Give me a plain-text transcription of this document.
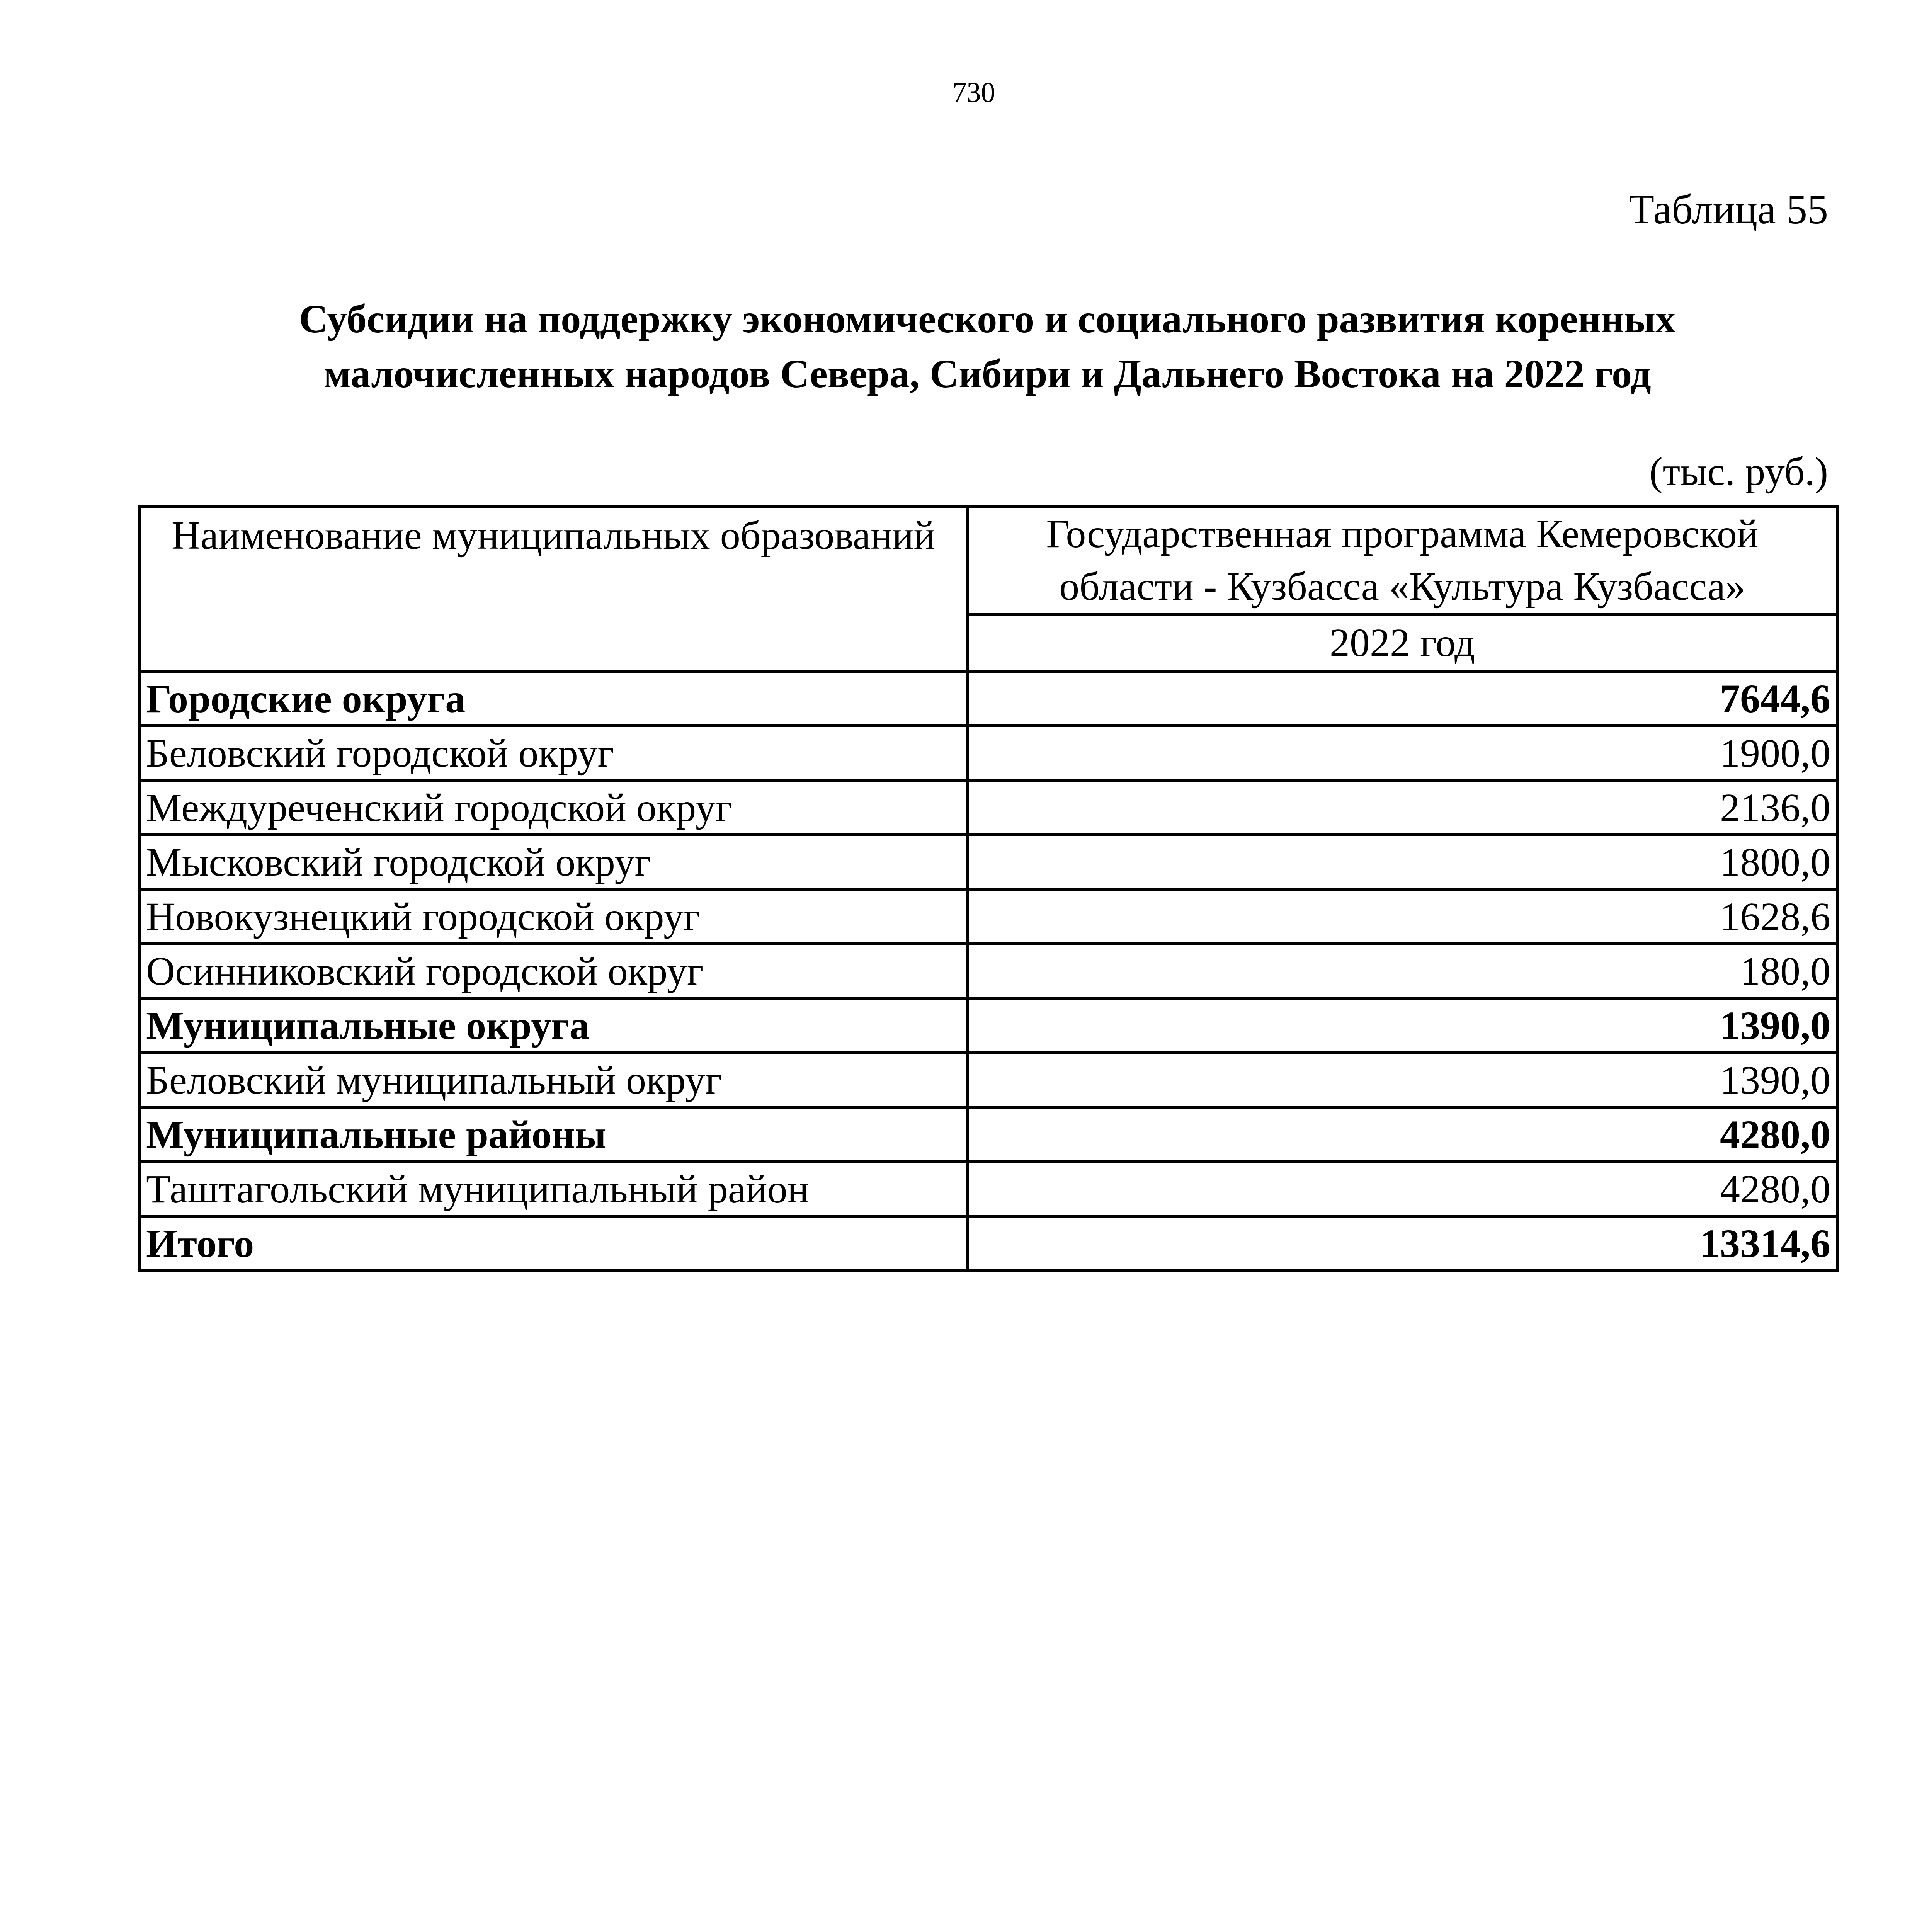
730
Таблица 55
Субсидии на поддержку экономического и социального развития коренных
малочисленных народов Севера, Сибири и Дальнего Востока на 2022 год
(тыс. руб.)
Наименование муниципальных образований	Государственная программа Кемеровской
области - Кузбасса «Культура Кузбасса»

	2022 год
Городские округа	7644,6
Беловский городской округ	1900,0
Междуреченский городской округ	2136,0
Мысковский городской округ	1800,0
Новокузнецкий городской округ	1628,6
Осинниковский городской округ	180,0
Муниципальные округа	1390,0
Беловский муниципальный округ	1390,0
Муниципальные районы	4280,0
Таштагольский муниципальный район	4280,0
Итого	13314,6
